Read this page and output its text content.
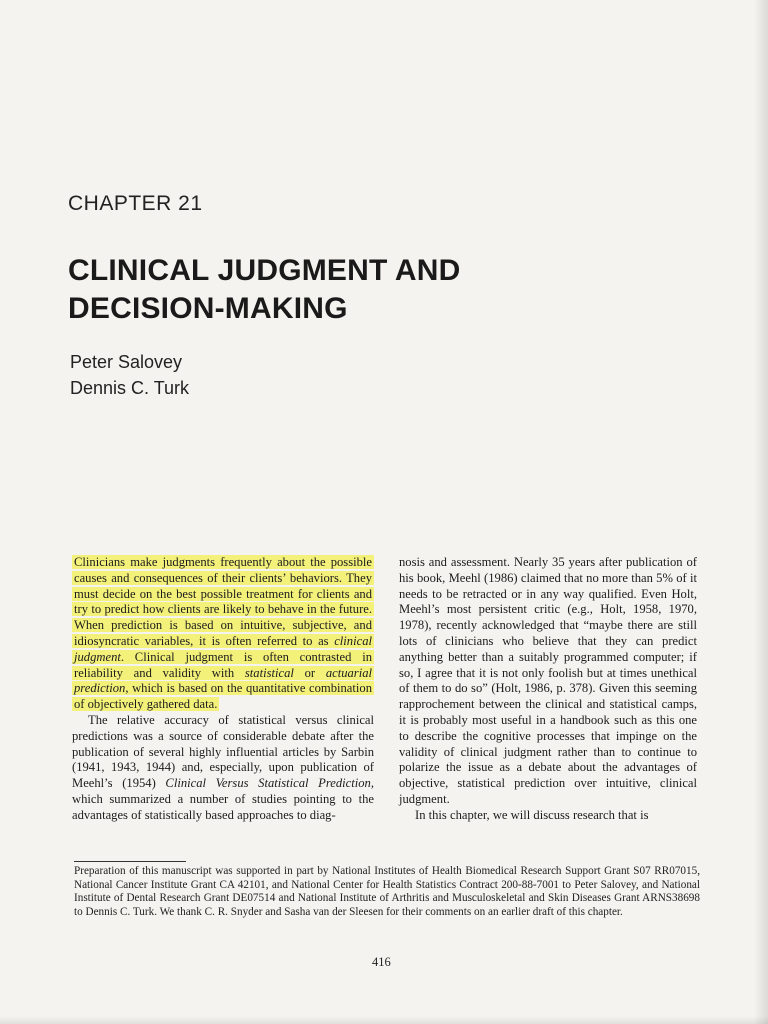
CHAPTER 21
CLINICAL JUDGMENT AND
DECISION-MAKING
Peter Salovey
Dennis C. Turk

Clinicians make judgments frequently about the possible causes and consequences of their clients’ behaviors. They must decide on the best possible treatment for clients and try to predict how clients are likely to behave in the future. When prediction is based on intuitive, subjective, and idiosyncratic variables, it is often referred to as clinical judgment. Clinical judgment is often contrasted in reliability and validity with statistical or actuarial prediction, which is based on the quantitative combination of objectively gathered data.

The relative accuracy of statistical versus clinical predictions was a source of considerable debate after the publication of several highly influential articles by Sarbin (1941, 1943, 1944) and, especially, upon publication of Meehl’s (1954) Clinical Versus Statistical Prediction, which summarized a number of studies pointing to the advantages of statistically based approaches to diag-

nosis and assessment. Nearly 35 years after publication of his book, Meehl (1986) claimed that no more than 5% of it needs to be retracted or in any way qualified. Even Holt, Meehl’s most persistent critic (e.g., Holt, 1958, 1970, 1978), recently acknowledged that “maybe there are still lots of clinicians who believe that they can predict anything better than a suitably programmed computer; if so, I agree that it is not only foolish but at times unethical of them to do so” (Holt, 1986, p. 378). Given this seeming rapprochement between the clinical and statistical camps, it is probably most useful in a handbook such as this one to describe the cognitive processes that impinge on the validity of clinical judgment rather than to continue to polarize the issue as a debate about the advantages of objective, statistical prediction over intuitive, clinical judgment.

In this chapter, we will discuss research that is

Preparation of this manuscript was supported in part by National Institutes of Health Biomedical Research Support Grant S07 RR07015, National Cancer Institute Grant CA 42101, and National Center for Health Statistics Contract 200-88-7001 to Peter Salovey, and National Institute of Dental Research Grant DE07514 and National Institute of Arthritis and Musculoskeletal and Skin Diseases Grant ARNS38698 to Dennis C. Turk. We thank C. R. Snyder and Sasha van der Sleesen for their comments on an earlier draft of this chapter.

416
